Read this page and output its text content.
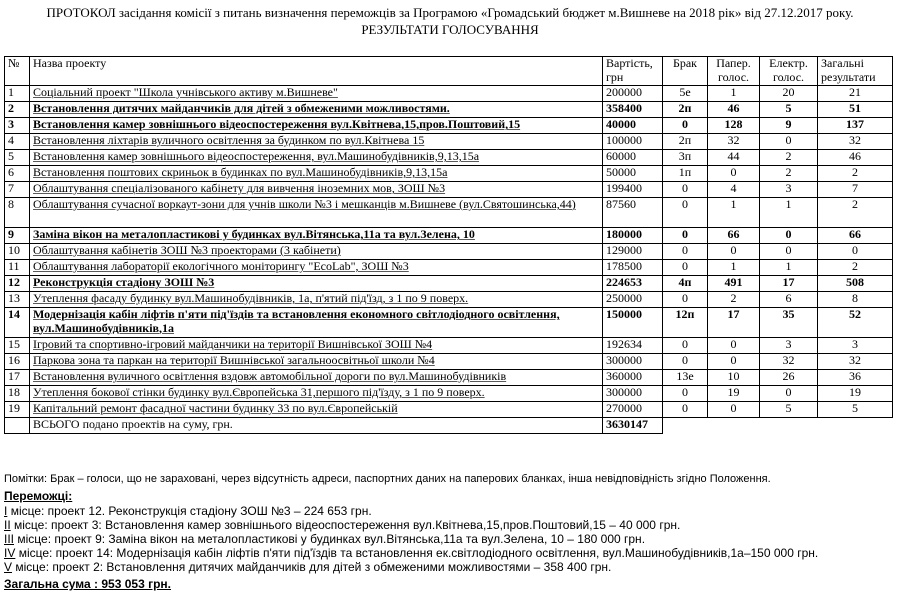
ПРОТОКОЛ засідання комісії з питань визначення переможців за Програмою «Громадський бюджет м.Вишневе на 2018 рік» від 27.12.2017 року.
РЕЗУЛЬТАТИ ГОЛОСУВАННЯ
№	Назва проекту	Вартість, грн	Брак	Папер. голос.	Електр. голос.	Загальні результати
1	Соціальний проект "Школа учнівського активу м.Вишневе"	200000	5е	1	20	21
2	Встановлення дитячих майданчиків для дітей з обмеженими можливостями.	358400	2п	46	5	51
3	Встановлення камер зовнішнього відеоспостереження вул.Квітнева,15,пров.Поштовий,15	40000	0	128	9	137
4	Встановлення ліхтарів вуличного освітлення за будинком по вул.Квітнева 15	100000	2п	32	0	32
5	Встановлення камер зовнішнього відеоспостереження, вул.Машинобудівників,9,13,15а	60000	3п	44	2	46
6	Встановлення поштових скриньок в будинках по вул.Машинобудівників,9,13,15а	50000	1п	0	2	2
7	Облаштування спеціалізованого кабінету для вивчення іноземних мов, ЗОШ №3	199400	0	4	3	7
8	Облаштування сучасної воркаут-зони для учнів школи №3 і мешканців м.Вишневе (вул.Святошинська,44)	87560	0	1	1	2
9	Заміна вікон на металопластикові у будинках вул.Вітянська,11а та вул.Зелена, 10	180000	0	66	0	66
10	Облаштування кабінетів ЗОШ №3 проекторами (3 кабінети)	129000	0	0	0	0
11	Облаштування лабораторії екологічного моніторингу "EcoLab", ЗОШ №3	178500	0	1	1	2
12	Реконструкція стадіону ЗОШ №3	224653	4п	491	17	508
13	Утеплення фасаду будинку вул.Машинобудівників, 1а, п'ятий під'їзд, з 1 по 9 поверх.	250000	0	2	6	8
14	Модернізація кабін ліфтів п'яти під'їздів та встановлення економного світлодіодного освітлення, вул.Машинобудівників,1а	150000	12п	17	35	52
15	Ігровий та спортивно-ігровий майданчики на території Вишнівської ЗОШ №4	192634	0	0	3	3
16	Паркова зона та паркан на території Вишнівської загальноосвітньої школи №4	300000	0	0	32	32
17	Встановлення вуличного освітлення вздовж автомобільної дороги по вул.Машинобудівників	360000	13е	10	26	36
18	Утеплення бокової стінки будинку вул.Європейська 31,першого під'їзду, з 1 по 9 поверх.	300000	0	19	0	19
19	Капітальний ремонт фасадної частини будинку 33 по вул.Європейській	270000	0	0	5	5
	ВСЬОГО подано проектів на суму, грн.	3630147				

Помітки: Брак – голоси, що не зараховані, через відсутність адреси, паспортних даних на паперових бланках, інша невідповідність згідно Положення.

Переможці:

I місце: проект 12. Реконструкція стадіону ЗОШ №3 – 224 653 грн.

II місце: проект 3: Встановлення камер зовнішнього відеоспостереження вул.Квітнева,15,пров.Поштовий,15 – 40 000 грн.

III місце: проект 9: Заміна вікон на металопластикові у будинках вул.Вітянська,11а та вул.Зелена, 10 – 180 000 грн.

IV місце: проект 14: Модернізація кабін ліфтів п'яти під'їздів та встановлення ек.світлодіодного освітлення, вул.Машинобудівників,1а–150 000 грн.

V місце: проект 2: Встановлення дитячих майданчиків для дітей з обмеженими можливостями – 358 400 грн.

Загальна сума : 953 053 грн.
